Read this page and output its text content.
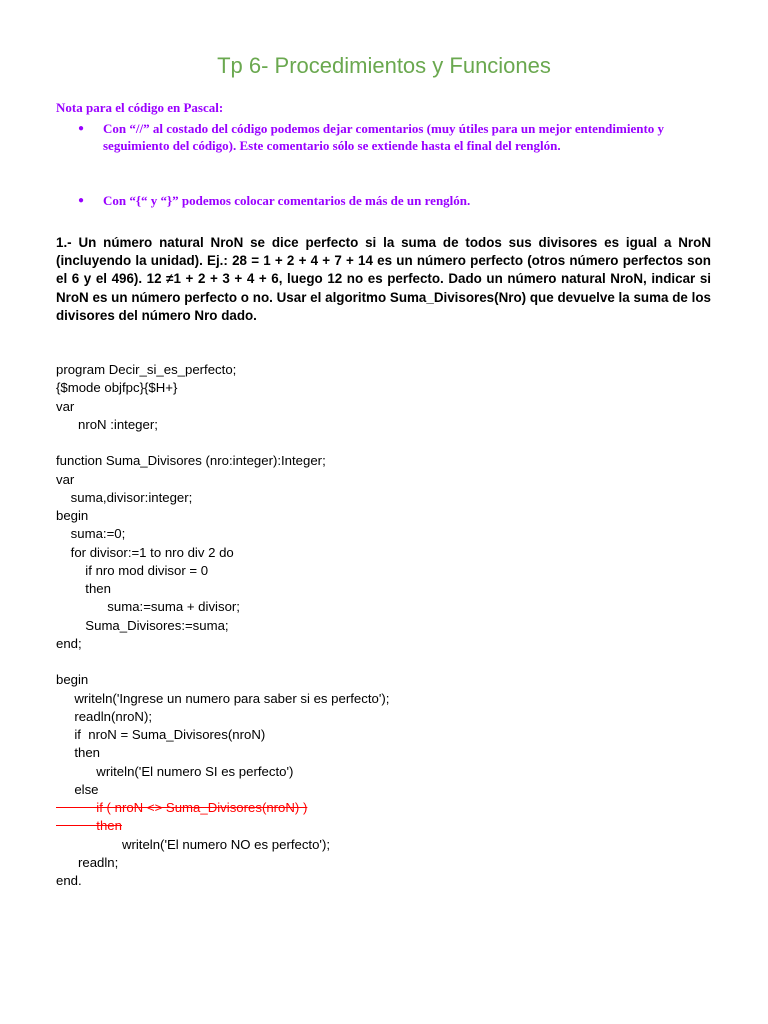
Tp 6- Procedimientos y Funciones
Nota para el código en Pascal:
● Con “//” al costado del código podemos dejar comentarios (muy útiles para un mejor entendimiento y seguimiento del código). Este comentario sólo se extiende hasta el final del renglón.
● Con “{“ y “}” podemos colocar comentarios de más de un renglón.
1.- Un número natural NroN se dice perfecto si la suma de todos sus divisores es igual a NroN (incluyendo la unidad). Ej.: 28 = 1 + 2 + 4 + 7 + 14 es un número perfecto (otros número perfectos son el 6 y el 496). 12 ≠1 + 2 + 3 + 4 + 6, luego 12 no es perfecto. Dado un número natural NroN, indicar si NroN es un número perfecto o no. Usar el algoritmo Suma_Divisores(Nro) que devuelve la suma de los divisores del número Nro dado.
program Decir_si_es_perfecto;
{$mode objfpc}{$H+}
var
nroN :integer;
function Suma_Divisores (nro:integer):Integer;
var
suma,divisor:integer;
begin
suma:=0;
for divisor:=1 to nro div 2 do
if nro mod divisor = 0
then
suma:=suma + divisor;
Suma_Divisores:=suma;
end;
begin
writeln('Ingrese un numero para saber si es perfecto');
readln(nroN);
if  nroN = Suma_Divisores(nroN)
then
writeln('El numero SI es perfecto')
else
if ( nroN <> Suma_Divisores(nroN) )
then
writeln('El numero NO es perfecto');
readln;
end.
